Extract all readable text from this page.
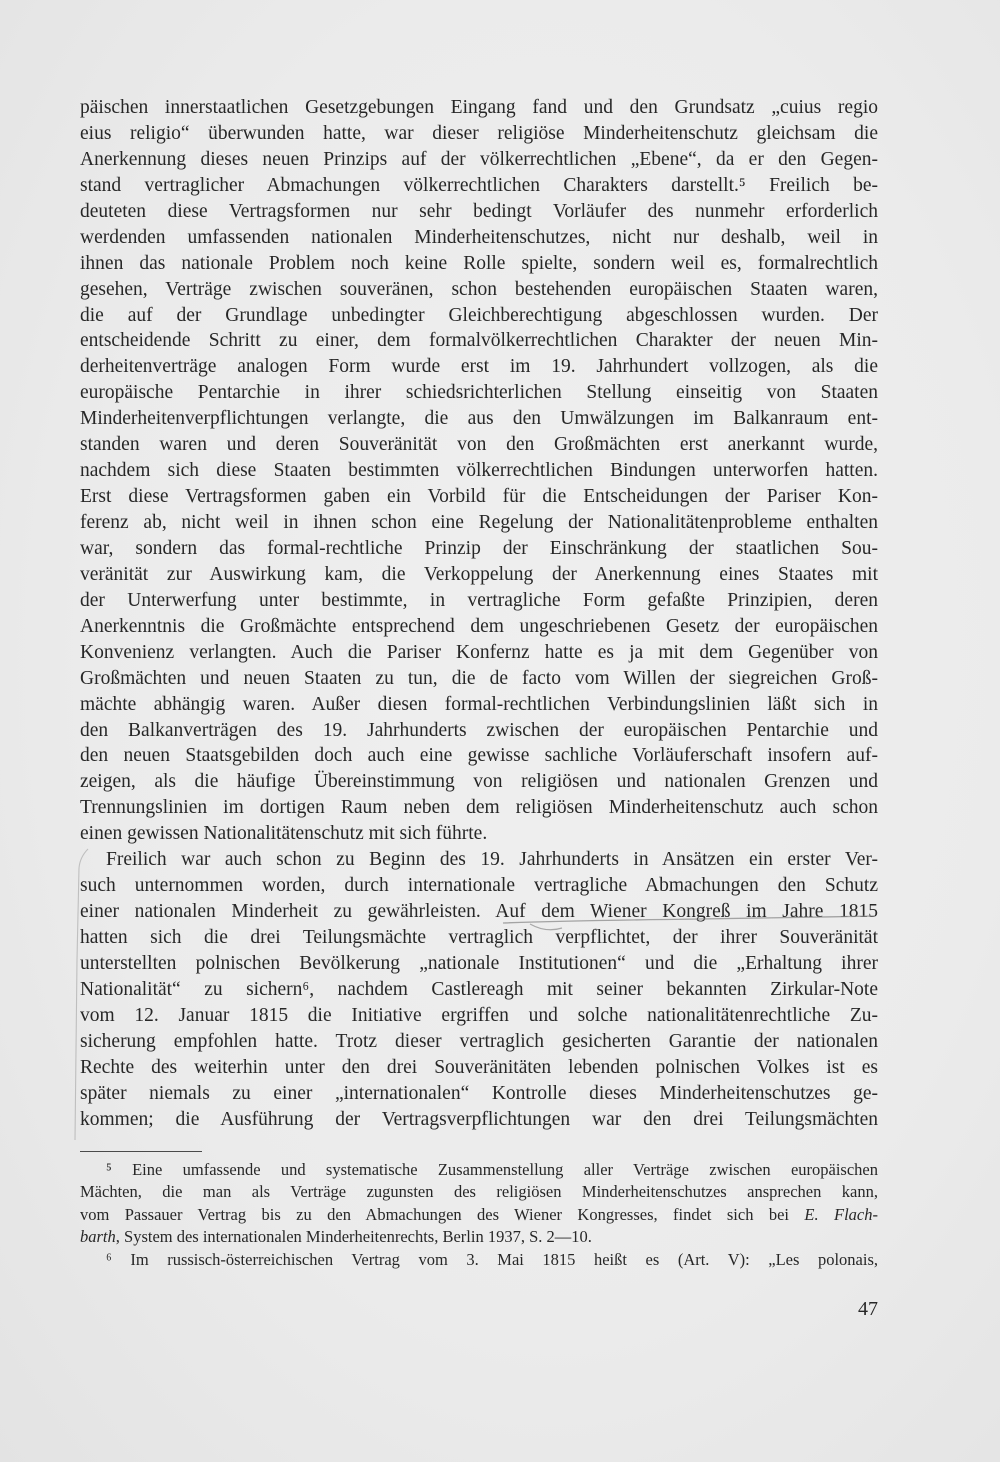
päischen innerstaatlichen Gesetzgebungen Eingang fand und den Grundsatz „cuius regio
eius religio“ überwunden hatte, war dieser religiöse Minderheitenschutz gleichsam die
Anerkennung dieses neuen Prinzips auf der völkerrechtlichen „Ebene“, da er den Gegen-
stand vertraglicher Abmachungen völkerrechtlichen Charakters darstellt.⁵ Freilich be-
deuteten diese Vertragsformen nur sehr bedingt Vorläufer des nunmehr erforderlich
werdenden umfassenden nationalen Minderheitenschutzes, nicht nur deshalb, weil in
ihnen das nationale Problem noch keine Rolle spielte, sondern weil es, formalrechtlich
gesehen, Verträge zwischen souveränen, schon bestehenden europäischen Staaten waren,
die auf der Grundlage unbedingter Gleichberechtigung abgeschlossen wurden. Der
entscheidende Schritt zu einer, dem formalvölkerrechtlichen Charakter der neuen Min-
derheitenverträge analogen Form wurde erst im 19. Jahrhundert vollzogen, als die
europäische Pentarchie in ihrer schiedsrichterlichen Stellung einseitig von Staaten
Minderheitenverpflichtungen verlangte, die aus den Umwälzungen im Balkanraum ent-
standen waren und deren Souveränität von den Großmächten erst anerkannt wurde,
nachdem sich diese Staaten bestimmten völkerrechtlichen Bindungen unterworfen hatten.
Erst diese Vertragsformen gaben ein Vorbild für die Entscheidungen der Pariser Kon-
ferenz ab, nicht weil in ihnen schon eine Regelung der Nationalitätenprobleme enthalten
war, sondern das formal-rechtliche Prinzip der Einschränkung der staatlichen Sou-
veränität zur Auswirkung kam, die Verkoppelung der Anerkennung eines Staates mit
der Unterwerfung unter bestimmte, in vertragliche Form gefaßte Prinzipien, deren
Anerkenntnis die Großmächte entsprechend dem ungeschriebenen Gesetz der europäischen
Konvenienz verlangten. Auch die Pariser Konfernz hatte es ja mit dem Gegenüber von
Großmächten und neuen Staaten zu tun, die de facto vom Willen der siegreichen Groß-
mächte abhängig waren. Außer diesen formal-rechtlichen Verbindungslinien läßt sich in
den Balkanverträgen des 19. Jahrhunderts zwischen der europäischen Pentarchie und
den neuen Staatsgebilden doch auch eine gewisse sachliche Vorläuferschaft insofern auf-
zeigen, als die häufige Übereinstimmung von religiösen und nationalen Grenzen und
Trennungslinien im dortigen Raum neben dem religiösen Minderheitenschutz auch schon
einen gewissen Nationalitätenschutz mit sich führte.
Freilich war auch schon zu Beginn des 19. Jahrhunderts in Ansätzen ein erster Ver-
such unternommen worden, durch internationale vertragliche Abmachungen den Schutz
einer nationalen Minderheit zu gewährleisten. Auf dem Wiener Kongreß im Jahre 1815
hatten sich die drei Teilungsmächte vertraglich verpflichtet, der ihrer Souveränität
unterstellten polnischen Bevölkerung „nationale Institutionen“ und die „Erhaltung ihrer
Nationalität“ zu sichern⁶, nachdem Castlereagh mit seiner bekannten Zirkular-Note
vom 12. Januar 1815 die Initiative ergriffen und solche nationalitätenrechtliche Zu-
sicherung empfohlen hatte. Trotz dieser vertraglich gesicherten Garantie der nationalen
Rechte des weiterhin unter den drei Souveränitäten lebenden polnischen Volkes ist es
später niemals zu einer „internationalen“ Kontrolle dieses Minderheitenschutzes ge-
kommen; die Ausführung der Vertragsverpflichtungen war den drei Teilungsmächten
⁵ Eine umfassende und systematische Zusammenstellung aller Verträge zwischen europäischen
Mächten, die man als Verträge zugunsten des religiösen Minderheitenschutzes ansprechen kann,
vom Passauer Vertrag bis zu den Abmachungen des Wiener Kongresses, findet sich bei E. Flach-
barth, System des internationalen Minderheitenrechts, Berlin 1937, S. 2—10.
⁶ Im russisch-österreichischen Vertrag vom 3. Mai 1815 heißt es (Art. V): „Les polonais,
47
